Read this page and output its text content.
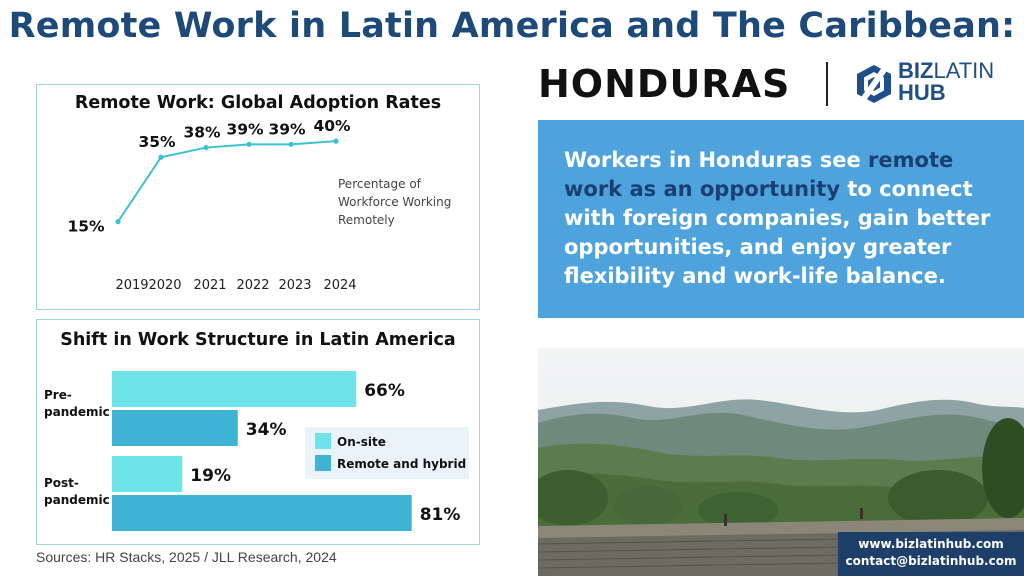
Remote Work in Latin America and The Caribbean:
HONDURAS	BIZLATIN
HUB
Remote Work: Global Adoption Rates
15%
2019
35%
2020
38%
2021
39%
2022
39%
2023
40%
2024
Percentage of
Workforce Working
Remotely
Shift in Work Structure in Latin America
Pre-
pandemic
Post-
pandemic
66%
19%
34%
81%
On-site
Remote and hybrid

Workers in Honduras see remote work as an opportunity to connect with foreign companies, gain better opportunities, and enjoy greater flexibility and work-life balance.

www.bizlatinhub.com
contact@bizlatinhub.com
Sources: HR Stacks, 2025 / JLL Research, 2024
